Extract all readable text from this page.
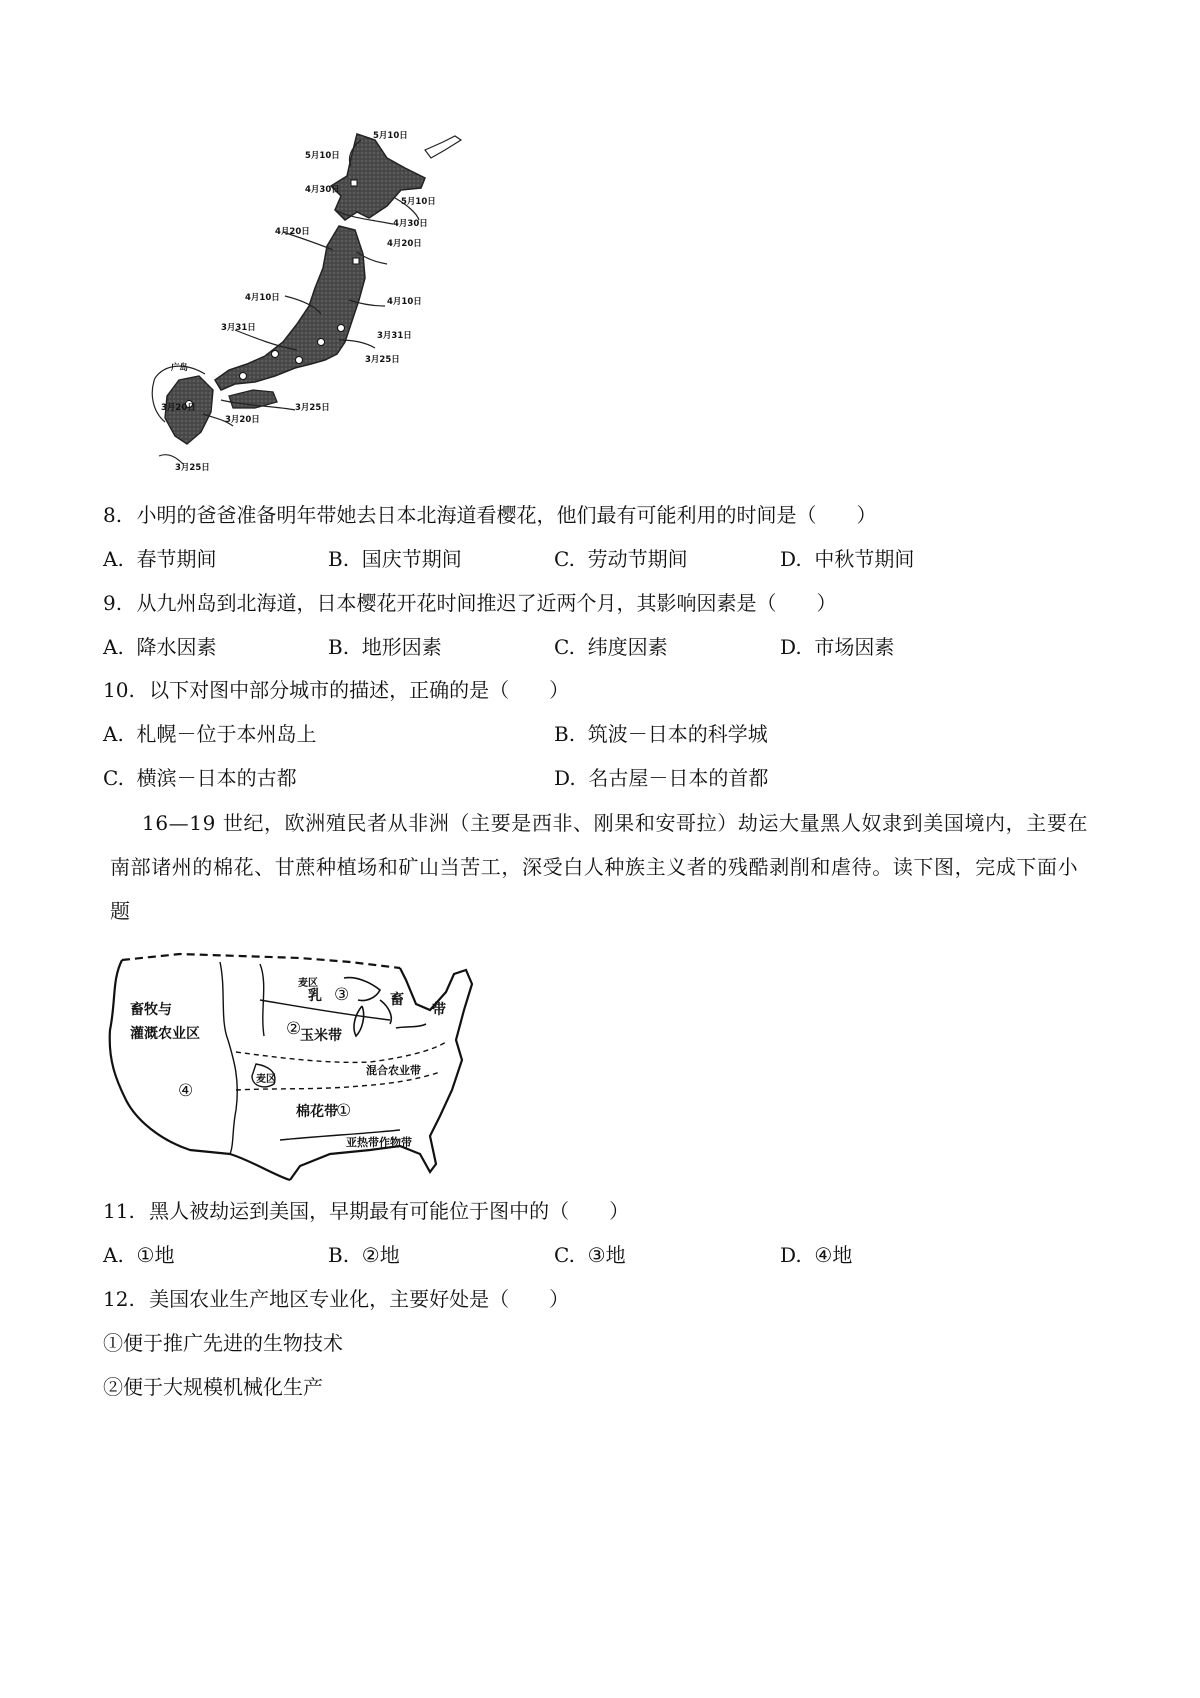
5月10日
5月10日
4月30日
5月10日
4月30日
4月20日
4月20日
4月10日	4月10日
3月31日
3月31日
3月25日
3月25日
3月20日
3月25日
广岛
3月20日
8. 小明的爸爸准备明年带她去日本北海道看樱花，他们最有可能利用的时间是（　　）
A. 春节期间	B. 国庆节期间	C. 劳动节期间	D. 中秋节期间
9. 从九州岛到北海道，日本樱花开花时间推迟了近两个月，其影响因素是（　　）
A. 降水因素	B. 地形因素	C. 纬度因素	D. 市场因素
10. 以下对图中部分城市的描述，正确的是（　　）
A. 札幌－位于本州岛上	B. 筑波－日本的科学城
C. 横滨－日本的古都	D. 名古屋－日本的首都
16—19 世纪，欧洲殖民者从非洲（主要是西非、刚果和安哥拉）劫运大量黑人奴隶到美国境内，主要在南部诸州的棉花、甘蔗种植场和矿山当苦工，深受白人种族主义者的残酷剥削和虐待。读下图，完成下面小题
畜牧与
灌溉农业区	玉米带
棉花带
混合农业带
乳	畜
带
麦区
麦区
亚热带作物带
①
②
③
④
11. 黑人被劫运到美国，早期最有可能位于图中的（　　）
A. ①地	B. ②地	C. ③地	D. ④地
12. 美国农业生产地区专业化，主要好处是（　　）
①便于推广先进的生物技术
②便于大规模机械化生产
